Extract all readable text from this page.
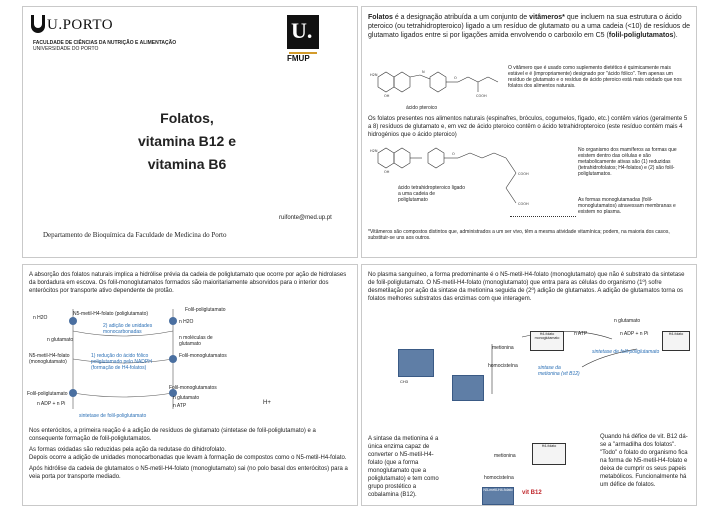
U.PORTO
FACULDADE DE CIÊNCIAS DA NUTRIÇÃO E ALIMENTAÇÃO
UNIVERSIDADE DO PORTO
U.
FMUP
Folatos,
vitamina B12 e
vitamina B6
ruifonte@med.up.pt
Departamento de Bioquímica da Faculdade de Medicina do Porto
Folatos é a designação atribuída a um conjunto de vitâmeros* que incluem na sua estrutura o ácido pteroico (ou tetrahidropteroico) ligado a um resíduo de glutamato ou a uma cadeia (<10) de resíduos de glutamato ligados entre si por ligações amida envolvendo o carboxilo em C5 (folil-poliglutamatos).
H2N
OH
N
O
COOH
ácido pteroico
O vitâmero que é usado como suplemento dietético é quimicamente mais estável e é (impropriamente) designado por "ácido fólico". Tem apenas um resíduo de glutamato e o resíduo de ácido pteroico está mais oxidado que nos folatos dos alimentos naturais.
Os folatos presentes nos alimentos naturais (espinafres, bróculos, cogumelos, fígado, etc.) contêm vários (geralmente 5 a 8) resíduos de glutamato e, em vez de ácido pteroico contêm o ácido tetrahidropteroico (este resíduo contém mais 4 hidrogénios que o ácido pteroico)
H2N
OH
O
COOH
COOH
ácido tetrahidropteroico ligado a uma cadeia de poliglutamato
No organismo dos mamíferos as formas que existem dentro das células e são metabolicamente ativas são (1) reduzidas (tetrahidrofolatos; H4-folatos) e (2) são folil-poliglutamatos.
As formas monoglutamadas (folil-monoglutamatos) atravessam membranas e existem no plasma.
*Vitâmeros são compostos distintos que, administrados a um ser vivo, têm a mesma atividade vitamínica; podem, na maioria dos casos, substituir-se uns aos outros.
A absorção dos folatos naturais implica a hidrólise prévia da cadeia de poliglutamato que ocorre por ação de hidrolases da bordadura em escova. Os folil-monoglutamatos formados são maioritariamente absorvidos para o interior dos enterócitos por transporte ativo dependente de protão.
n H2O
N5-metil-H4-folato (poliglutamato)
Folil-poliglutamato
n H2O
2) adição de unidades monocarbonadas
n glutamato	n moléculas de glutamato
N5-metil-H4-folato (monoglutamato)
1) redução do ácido fólico poliglutamado pelo NADPH (formação de H4-folatos)
Folil-monoglutamatos
Folil-monoglutamatos
Folil-poliglutamato
n glutamato
n ADP + n Pi	n ATP	H+
sintetase de folil-poliglutamato
Nos enterócitos, a primeira reação é a adição de resíduos de glutamato (sintetase de folil-poliglutamato) e a consequente formação de folil-poliglutamatos.
As formas oxidadas são reduzidas pela ação da redutase do dihidrofolato.
Depois ocorre a adição de unidades monocarbonadas que levam à formação de compostos como o N5-metil-H4-folato.
Após hidrólise da cadeia de glutamatos o N5-metil-H4-folato (monoglutamato) sai (no polo basal dos enterócitos) para a veia porta por transporte mediado.
No plasma sanguíneo, a forma predominante é o N5-metil-H4-folato (monoglutamato) que não é substrato da sintetase de folil-poliglutamato. O N5-metil-H4-folato (monoglutamato) que entra para as células do organismo (1º) sofre desmetilação por ação da sintase da metionina seguida de (2º) adição de glutamatos. A adição de glutamatos torna os folatos melhores substratos das enzimas com que interagem.
n glutamato
n ATP	n ADP + n Pi
H4-folato monoglutamato
H4-folato
metionina
sintetase de folil-poliglutamato
homocisteína	sintase da metionina (vit B12)
CH3
A sintase da metionina é a única enzima capaz de converter o N5-metil-H4-folato (que a forma monoglutamato que a poliglutamato) e tem como grupo prostético a cobalamina (B12).
metionina
H4-folato
homocisteína
N5-metil-H4-folato vit B12
Quando há défice de vit. B12 dá-se a "armadilha dos folatos". "Todo" o folato do organismo fica na forma de N5-metil-H4-folato e deixa de cumprir os seus papeis metabólicos. Funcionalmente há um défice de folatos.
